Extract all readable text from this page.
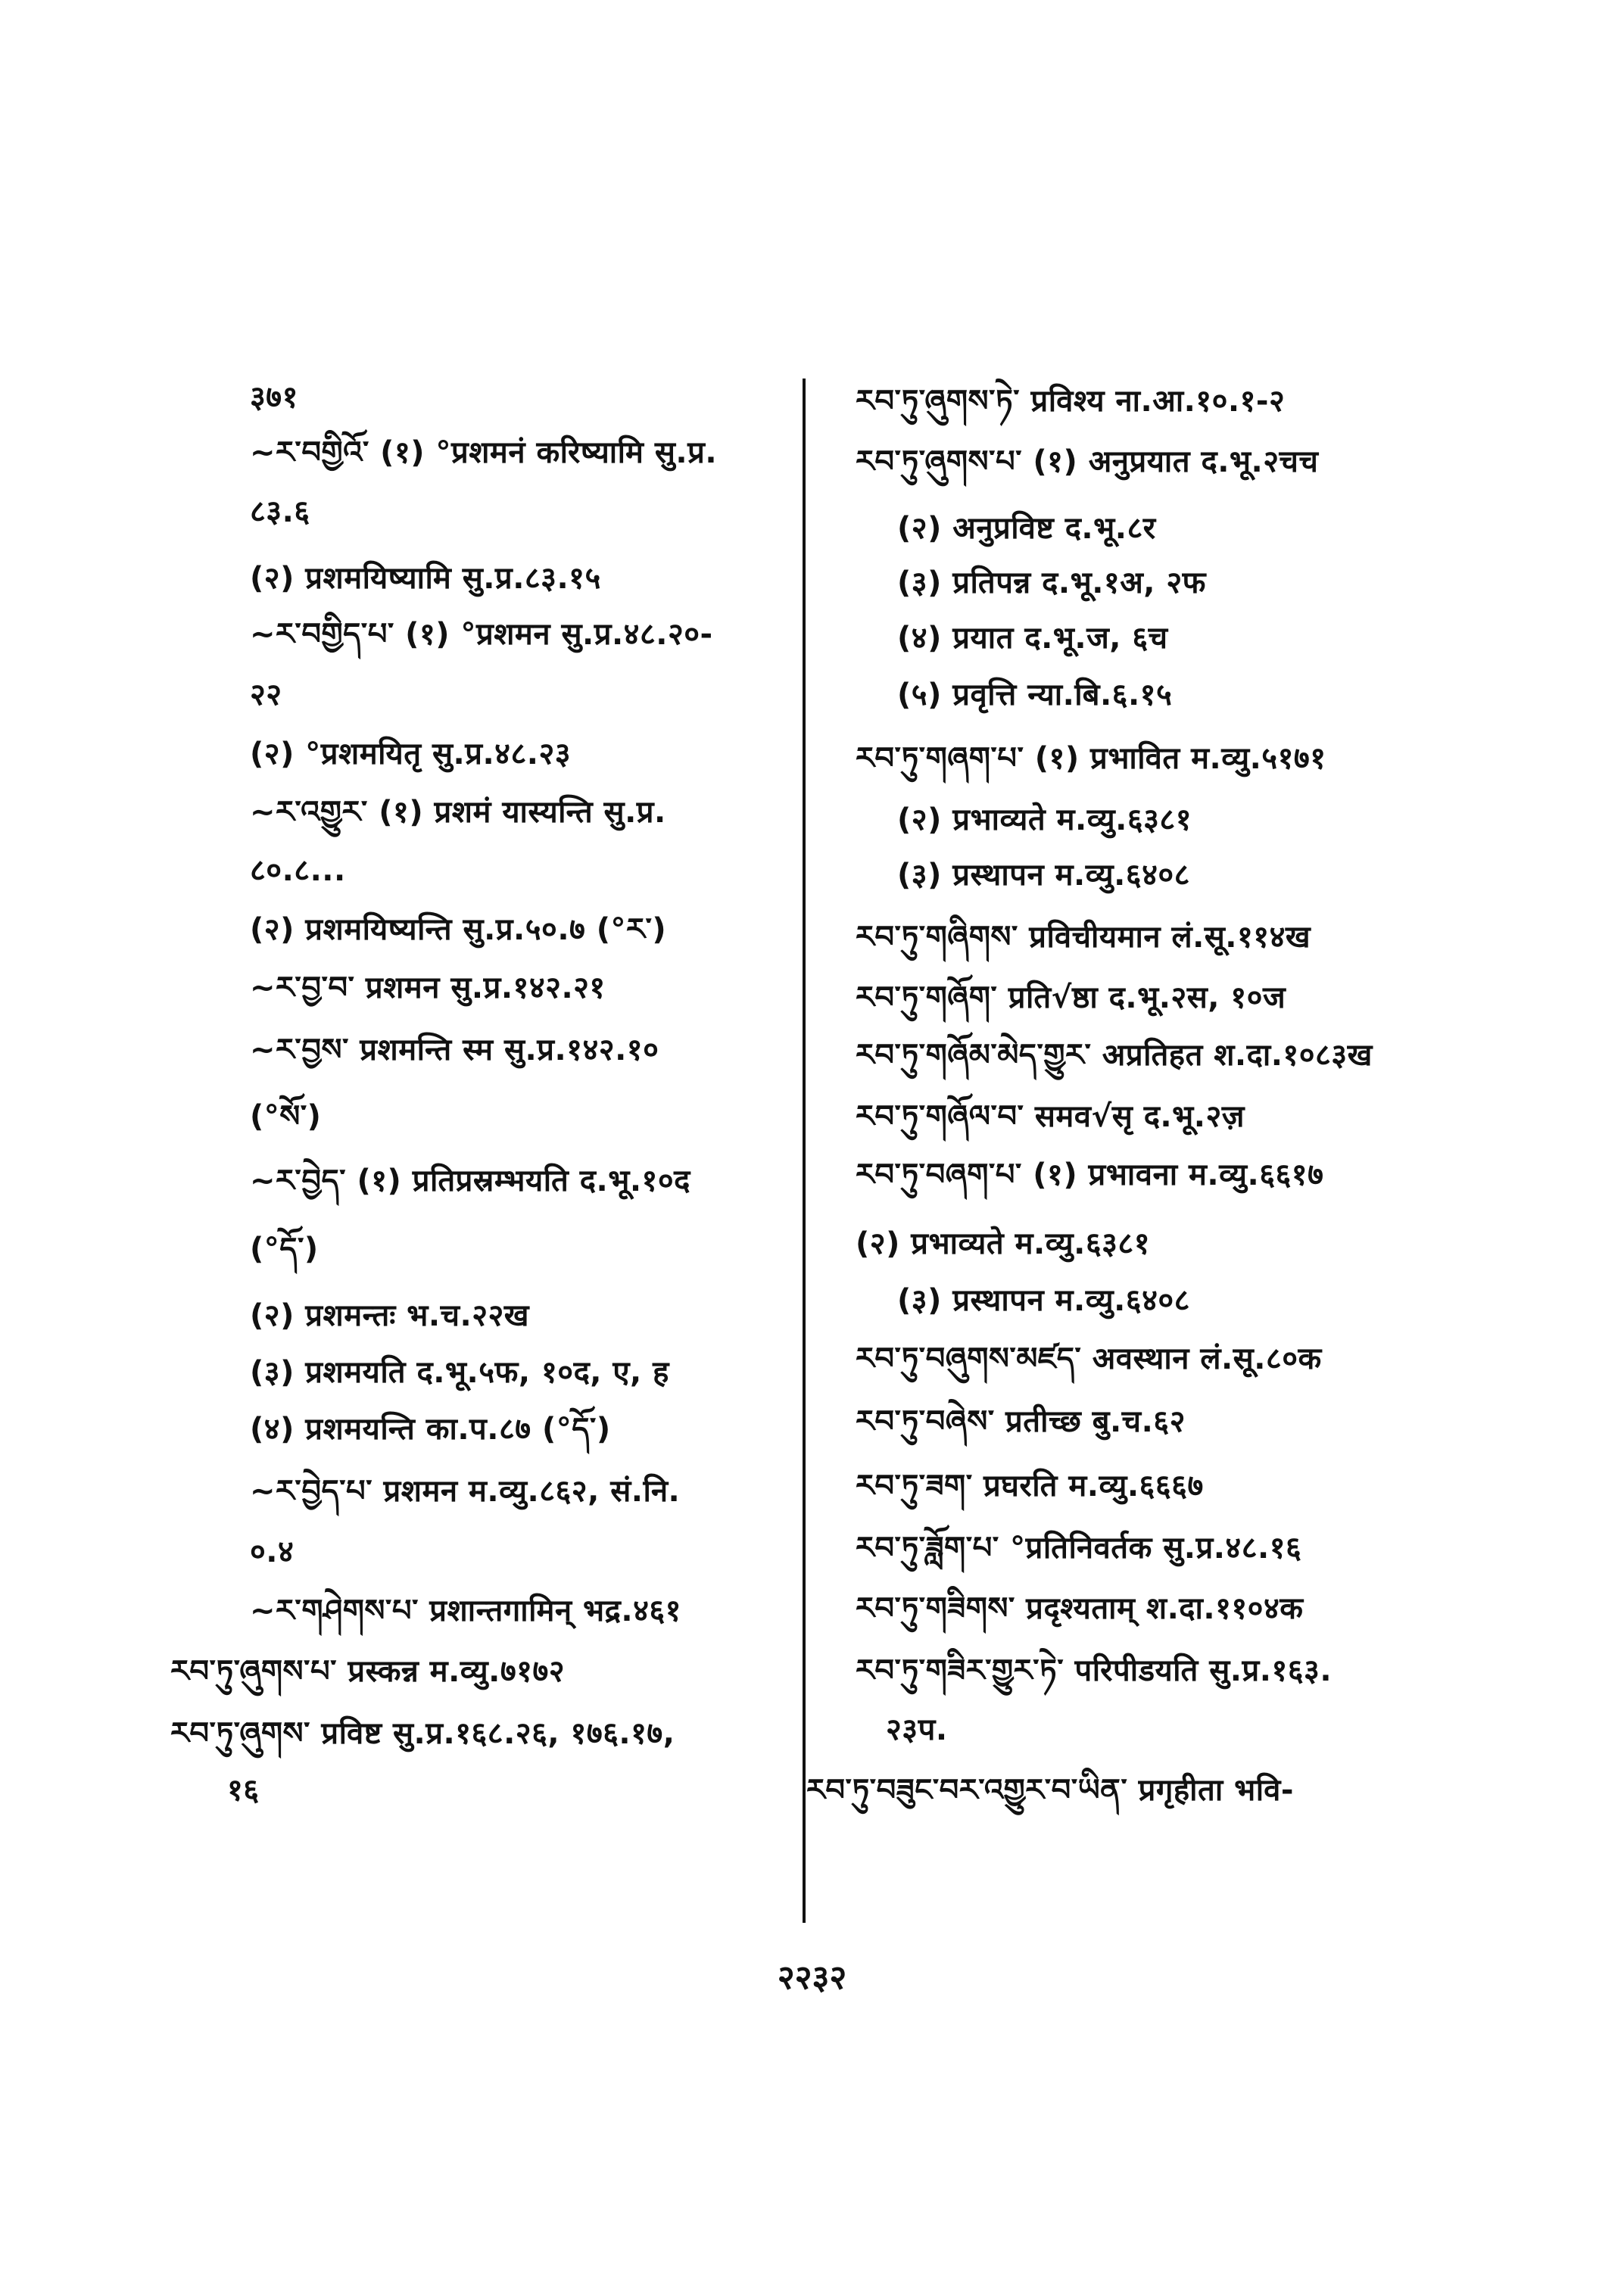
३७१
~ར་བགྱིའོ་ (१) °प्रशमनं करिष्यामि सु.प्र.
८३.६
(२) प्रशमयिष्यामि सु.प्र.८३.१५
~ར་བགྱིད་པ་ (१) °प्रशमन सु.प्र.४८.२०-
२२
(२) °प्रशमयितृ सु.प्र.४८.२३
~ར་འགྱུར་ (१) प्रशमं यास्यन्ति सु.प्र.
८०.८...
(२) प्रशमयिष्यन्ति सु.प्र.५०.७ (°ར་)
~ར་བྱ་བ་ प्रशमन सु.प्र.१४२.२१
~ར་བྱས་ प्रशमन्ति स्म सु.प्र.१४२.१०
(°སོ་)
~ར་བྱེད་ (१) प्रतिप्रस्रम्भयति द.भू.१०द
(°དོ་)
(२) प्रशमन्तः भ.च.२२ख
(३) प्रशमयति द.भू.५फ, १०द, ए, ह
(४) प्रशमयन्ति का.प.८७ (°དོ་)
~ར་བྱེད་པ་ प्रशमन म.व्यु.८६२, सं.नि.
०.४
~ར་གཤེགས་པ་ प्रशान्तगामिन् भद्र.४६१
རབ་ཏུ་ཞུགས་པ་ प्रस्कन्न म.व्यु.७१७२
རབ་ཏུ་ཞུགས་ प्रविष्ट सु.प्र.१६८.२६, १७६.१७,
१६
རབ་ཏུ་ཞུགས་ཏེ་ प्रविश्य ना.आ.१०.१-२
རབ་ཏུ་ཞུགས་པ་ (१) अनुप्रयात द.भू.२चच
(२) अनुप्रविष्ट द.भू.८र
(३) प्रतिपन्न द.भू.१अ, २फ
(४) प्रयात द.भू.ज, ६च
(५) प्रवृत्ति न्या.बि.६.१५
རབ་ཏུ་གཞག་པ་ (१) प्रभावित म.व्यु.५१७१
(२) प्रभाव्यते म.व्यु.६३८१
(३) प्रस्थापन म.व्यु.६४०८
རབ་ཏུ་གཞིགས་ प्रविचीयमान लं.सू.११४ख
རབ་ཏུ་གཞོག་ प्रति√ष्ठा द.भू.२स, १०ज
རབ་ཏུ་གཞོམ་མེད་གྱུར་ अप्रतिहत श.दा.१०८३ख
རབ་ཏུ་གཞོལ་བ་ समव√सृ द.भू.२ज़
རབ་ཏུ་བཞག་པ་ (१) प्रभावना म.व्यु.६६१७
(२) प्रभाव्यते म.व्यु.६३८१
(३) प्रस्थापन म.व्यु.६४०८
རབ་ཏུ་བཞུགས་མཛད་ अवस्थान लं.सू.८०क
རབ་ཏུ་བཞེས་ प्रतीच्छ बु.च.६२
རབ་ཏུ་ཟག་ प्रघरति म.व्यु.६६६७
རབ་ཏུ་ཟློག་པ་ °प्रतिनिवर्तक सु.प्र.४८.१६
རབ་ཏུ་གཟིགས་ प्रदृश्यताम् श.दा.११०४क
རབ་ཏུ་གཟིར་གྱུར་ཏེ་ परिपीडयति सु.प्र.१६३.
२३प.
རབ་ཏུ་བཟུང་བར་འགྱུར་བ་ཡིན་ प्रगृहीता भवि-
२२३२
